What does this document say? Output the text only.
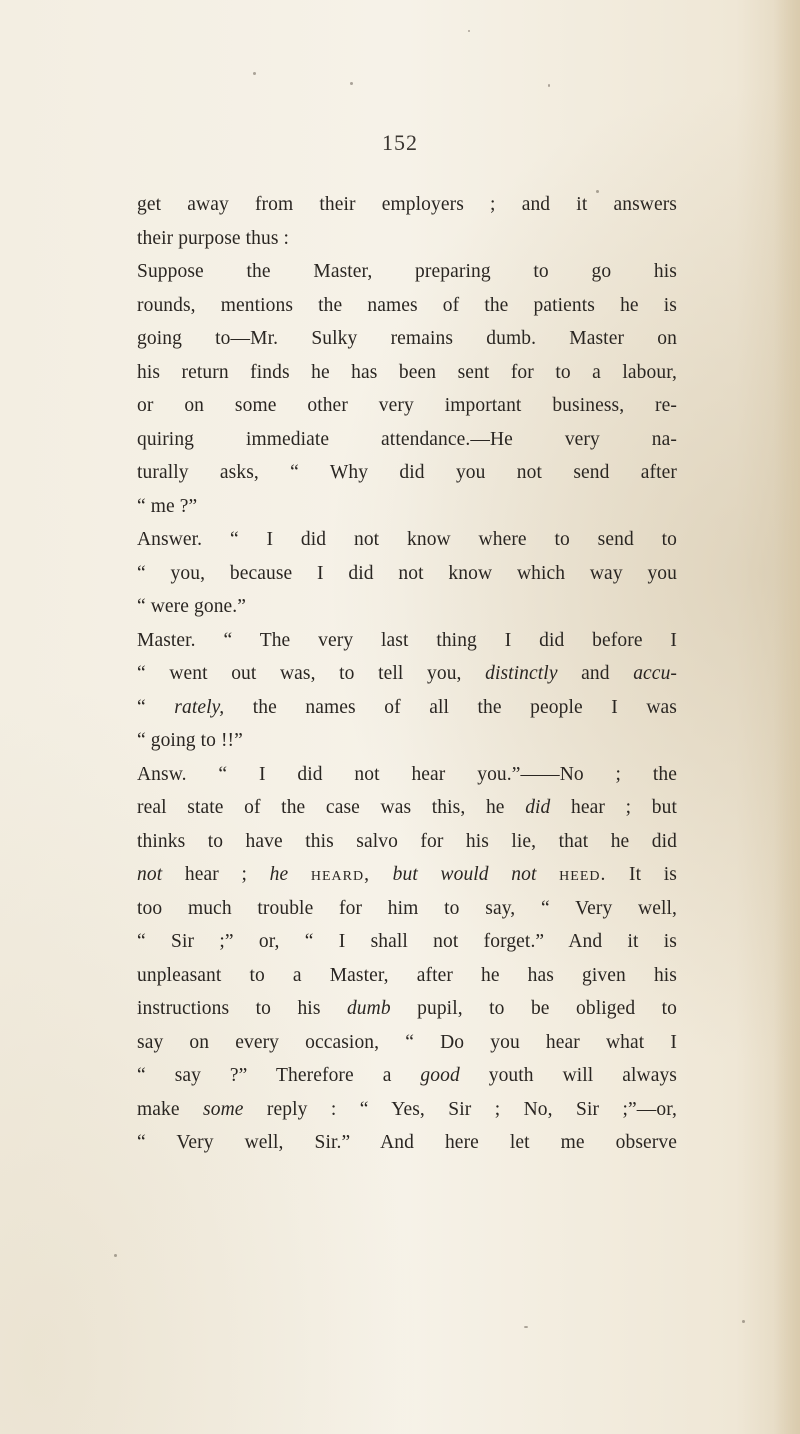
152
get away from their employers ; and it answers
their purpose thus :
Suppose the Master, preparing to go his
rounds, mentions the names of the patients he is
going to—Mr. Sulky remains dumb. Master on
his return finds he has been sent for to a labour,
or on some other very important business, re-
quiring immediate attendance.—He very na-
turally asks, “ Why did you not send after
“ me ?”
Answer. “ I did not know where to send to
“ you, because I did not know which way you
“ were gone.”
Master. “ The very last thing I did before I
“ went out was, to tell you, distinctly and accu-
“ rately, the names of all the people I was
“ going to !!”
Answ. “ I did not hear you.”——No ; the
real state of the case was this, he did hear ; but
thinks to have this salvo for his lie, that he did
not hear ; he heard, but would not heed. It is
too much trouble for him to say, “ Very well,
“ Sir ;” or, “ I shall not forget.” And it is
unpleasant to a Master, after he has given his
instructions to his dumb pupil, to be obliged to
say on every occasion, “ Do you hear what I
“ say ?” Therefore a good youth will always
make some reply : “ Yes, Sir ; No, Sir ;”—or,
“ Very well, Sir.” And here let me observe
